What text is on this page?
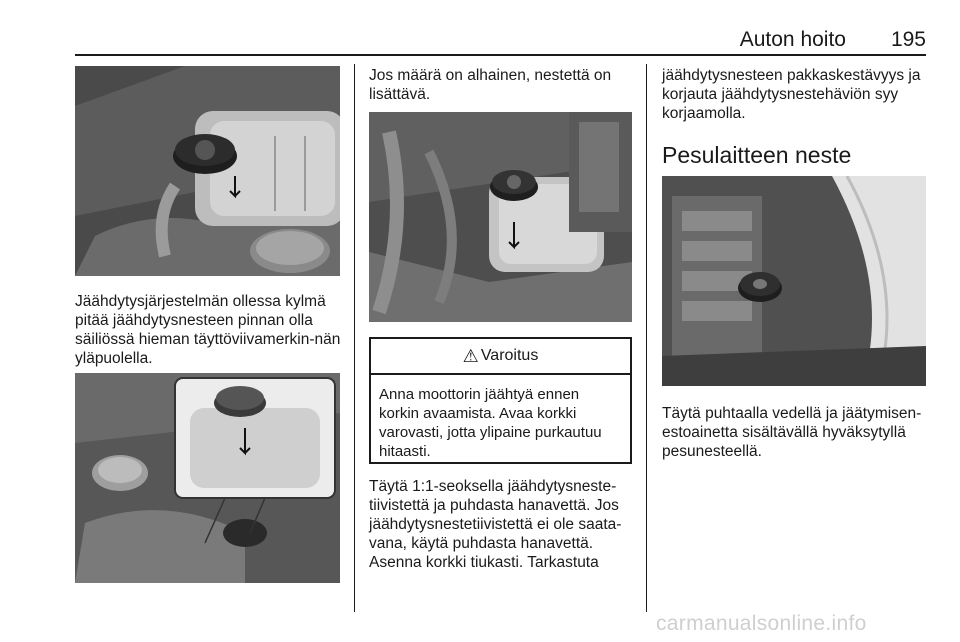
Auton hoito 195

Jäähdytysjärjestelmän ollessa kylmä pitää jäähdytysnesteen pinnan olla säiliössä hieman täyttöviivamerkin-nän yläpuolella.

Jos määrä on alhainen, nestettä on lisättävä.

⚠ Varoitus

Anna moottorin jäähtyä ennen korkin avaamista. Avaa korkki varovasti, jotta ylipaine purkautuu hitaasti.

Täytä 1:1-seoksella jäähdytysneste-tiivistettä ja puhdasta hanavettä. Jos jäähdytysnestetiivistettä ei ole saata-vana, käytä puhdasta hanavettä. Asenna korkki tiukasti. Tarkastuta

jäähdytysnesteen pakkaskestävyys ja korjauta jäähdytysnestehäviön syy korjaamolla.

Pesulaitteen neste

Täytä puhtaalla vedellä ja jäätymisen-estoainetta sisältävällä hyväksytyllä pesunesteellä.

carmanualsonline.info
